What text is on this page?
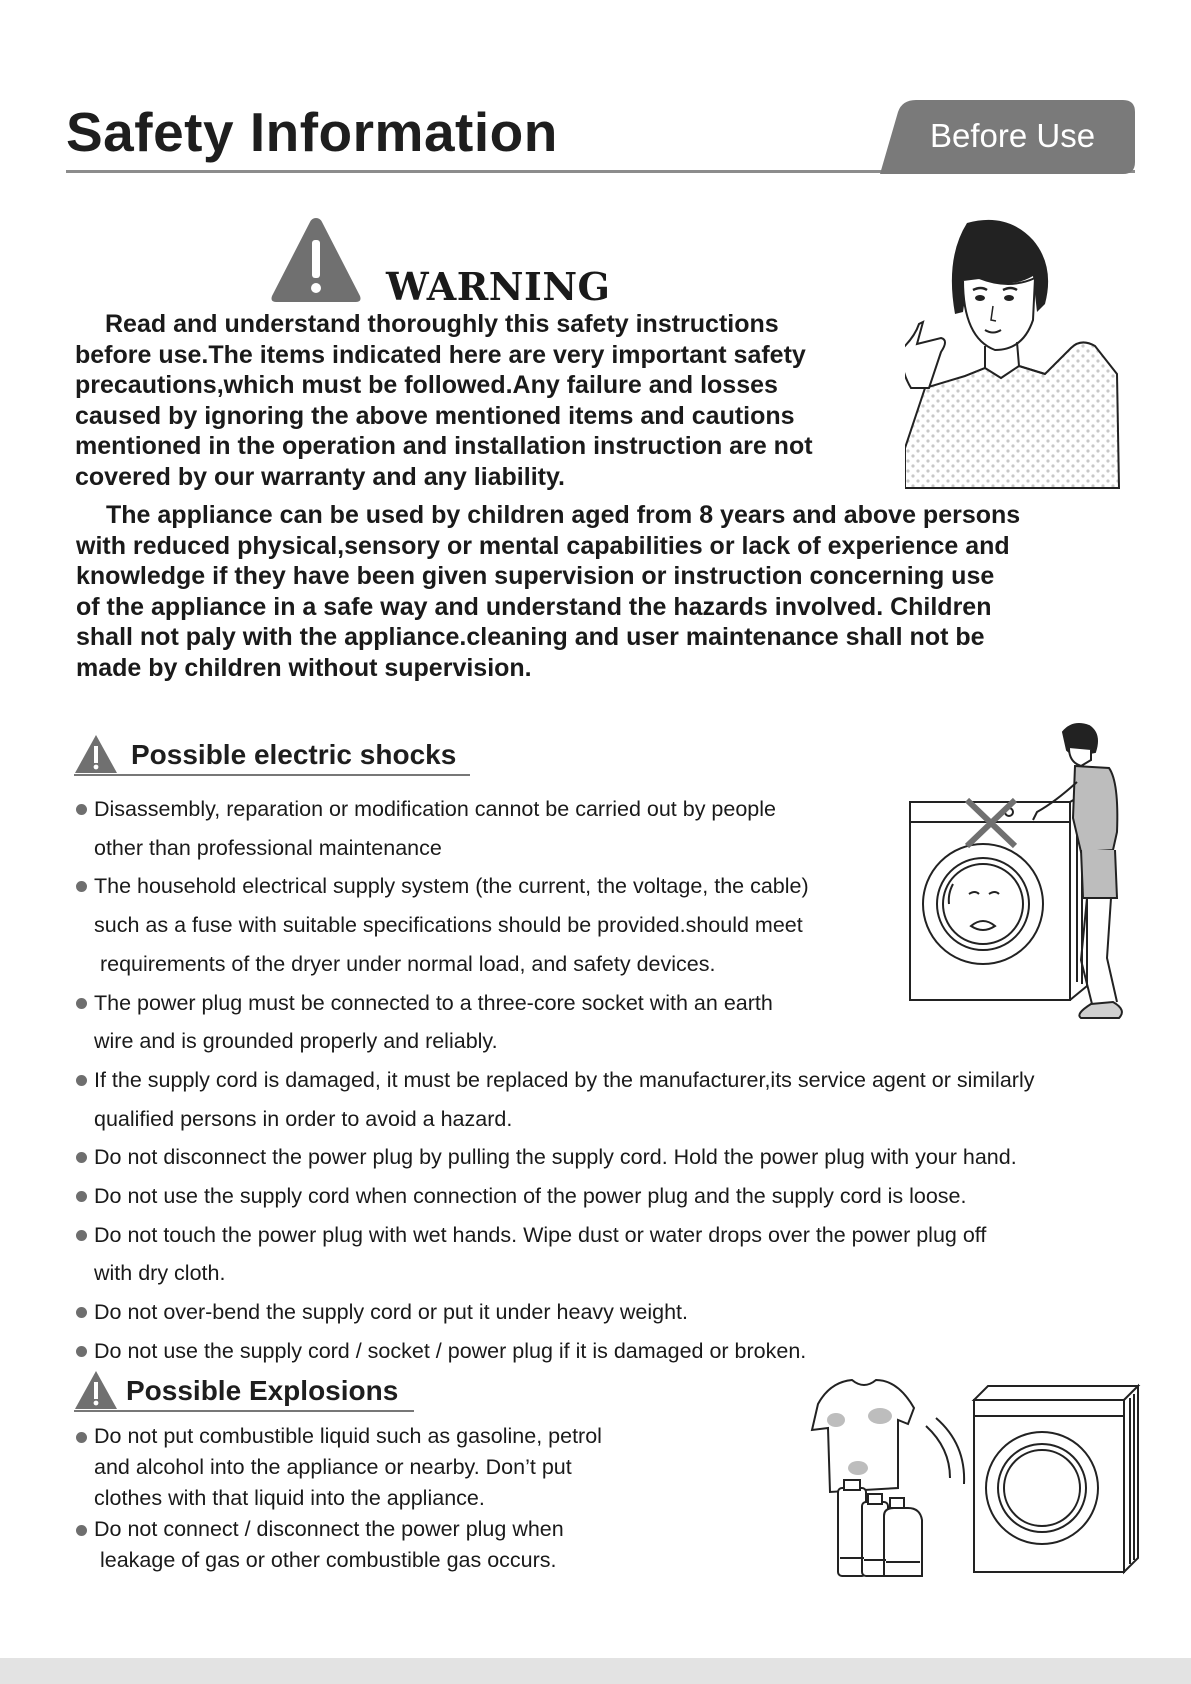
Safety Information	Before Use
WARNING
Read and understand thoroughly this safety instructions
before use.The items indicated here are very important safety
precautions,which must be followed.Any failure and losses
caused by ignoring the above mentioned items and cautions
mentioned in the operation and installation instruction are not
covered by our warranty and any liability.
The appliance can be used by children aged from 8 years and above persons
with reduced physical,sensory or mental capabilities or lack of experience and
knowledge if they have been given supervision or instruction concerning use
of the appliance in a safe way and understand the hazards involved. Children
shall not paly with the appliance.cleaning and user maintenance shall not be
made by children without supervision.
Possible electric shocks
Disassembly, reparation or modification cannot be carried out by people
other than professional maintenance
The household electrical supply system (the current, the voltage, the cable)
such as a fuse with suitable specifications should be provided.should meet
requirements of the dryer under normal load, and safety devices.
The power plug must be connected to a three-core socket with an earth
wire and is grounded properly and reliably.
If the supply cord is damaged, it must be replaced by the manufacturer,its service agent or similarly
qualified persons in order to avoid a hazard.
Do not disconnect the power plug by pulling the supply cord. Hold the power plug with your hand.
Do not use the supply cord when connection of the power plug and the supply cord is loose.
Do not touch the power plug with wet hands. Wipe dust or water drops over the power plug off
with dry cloth.
Do not over-bend the supply cord or put it under heavy weight.
Do not use the supply cord / socket / power plug if it is damaged or broken.
Possible Explosions
Do not put combustible liquid such as gasoline, petrol
and alcohol into the appliance or nearby. Don’t put
clothes with that liquid into the appliance.
Do not connect / disconnect the power plug when
leakage of gas or other combustible gas occurs.
